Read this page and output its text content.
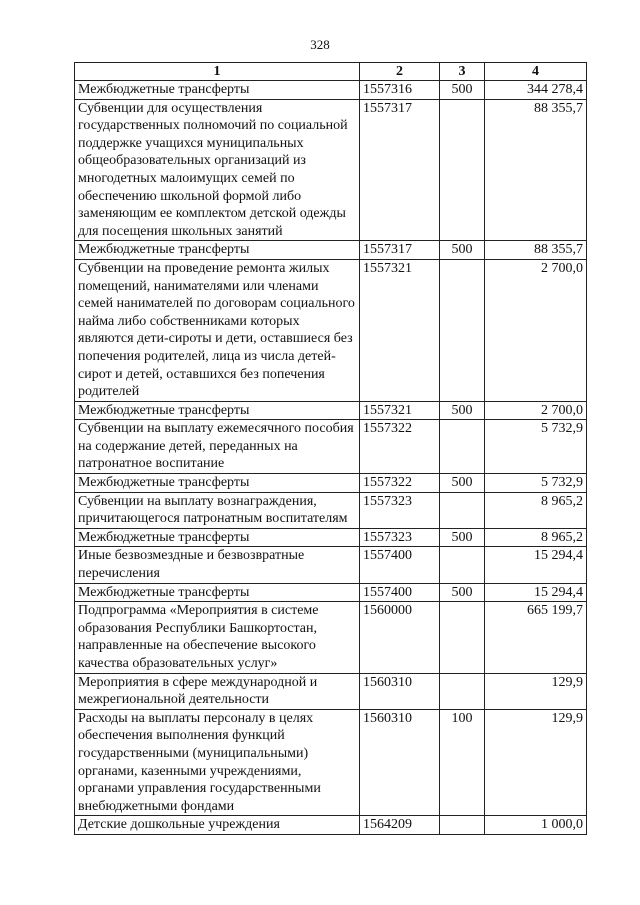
328
1	2	3	4
Межбюджетные трансферты	1557316	500	344 278,4
Субвенции для осуществления государственных полномочий по социальной поддержке учащихся муниципальных общеобразовательных организаций из многодетных малоимущих семей по обеспечению школьной формой либо заменяющим ее комплектом детской одежды для посещения школьных занятий	1557317		88 355,7
Межбюджетные трансферты	1557317	500	88 355,7
Субвенции на проведение ремонта жилых помещений, нанимателями или членами семей нанимателей по договорам социального найма либо собственниками которых являются дети-сироты и дети, оставшиеся без попечения родителей, лица из числа детей-сирот и детей, оставшихся без попечения родителей	1557321		2 700,0
Межбюджетные трансферты	1557321	500	2 700,0
Субвенции на выплату ежемесячного пособия на содержание детей, переданных на патронатное воспитание	1557322		5 732,9
Межбюджетные трансферты	1557322	500	5 732,9
Субвенции на выплату вознаграждения, причитающегося патронатным воспитателям	1557323		8 965,2
Межбюджетные трансферты	1557323	500	8 965,2
Иные безвозмездные и безвозвратные перечисления	1557400		15 294,4
Межбюджетные трансферты	1557400	500	15 294,4
Подпрограмма «Мероприятия в системе образования Республики Башкортостан, направленные на обеспечение высокого качества образовательных услуг»	1560000		665 199,7
Мероприятия в сфере международной и межрегиональной деятельности	1560310		129,9
Расходы на выплаты персоналу в целях обеспечения выполнения функций государственными (муниципальными) органами, казенными учреждениями, органами управления государственными внебюджетными фондами	1560310	100	129,9
Детские дошкольные учреждения	1564209		1 000,0
